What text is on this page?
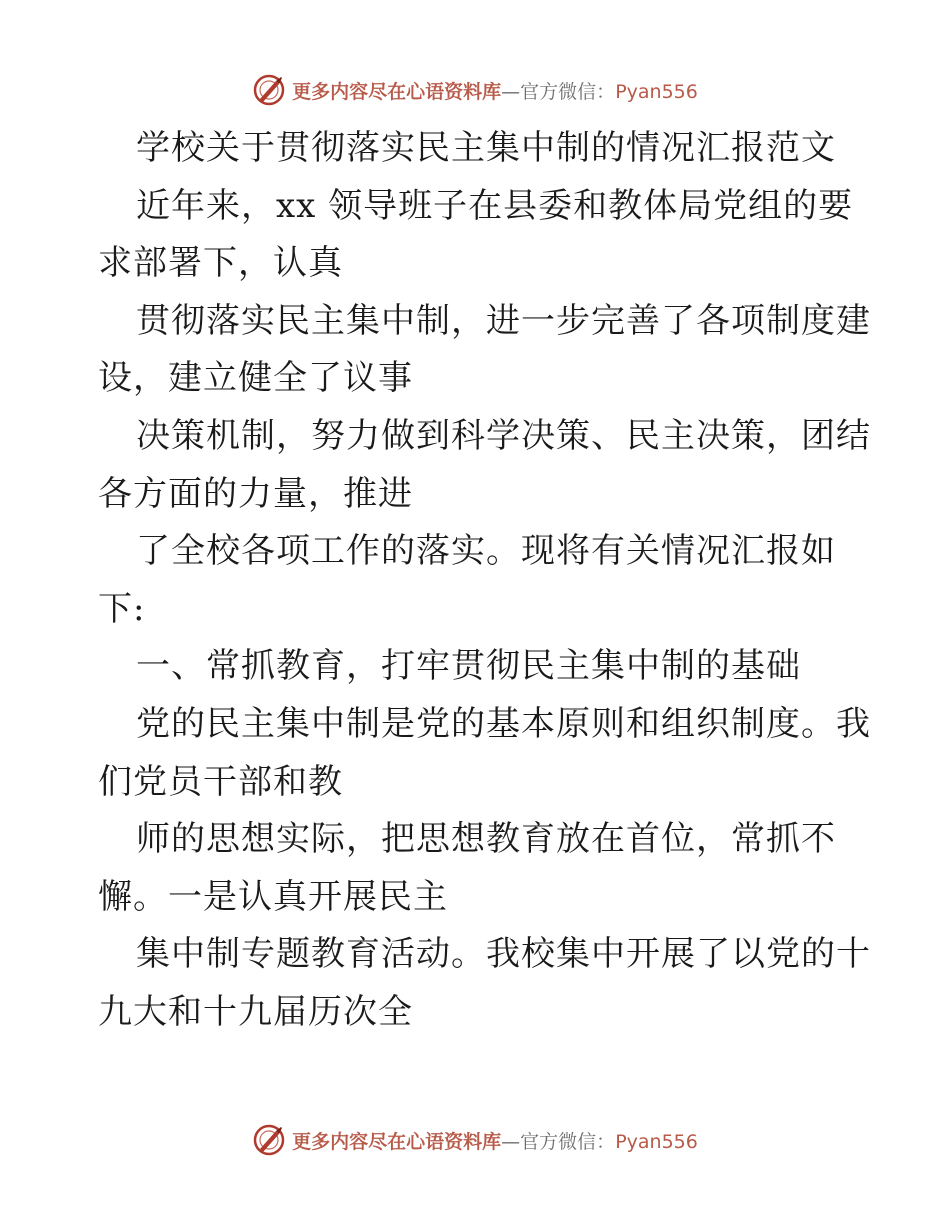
更多内容尽在心语资料库—官方微信：Pyan556
学校关于贯彻落实民主集中制的情况汇报范文
近年来，xx 领导班子在县委和教体局党组的要
求部署下，认真
贯彻落实民主集中制，进一步完善了各项制度建
设，建立健全了议事
决策机制，努力做到科学决策、民主决策，团结
各方面的力量，推进
了全校各项工作的落实。现将有关情况汇报如
下:
一、常抓教育，打牢贯彻民主集中制的基础
党的民主集中制是党的基本原则和组织制度。我
们党员干部和教
师的思想实际，把思想教育放在首位，常抓不
懈。一是认真开展民主
集中制专题教育活动。我校集中开展了以党的十
九大和十九届历次全
更多内容尽在心语资料库—官方微信：Pyan556
